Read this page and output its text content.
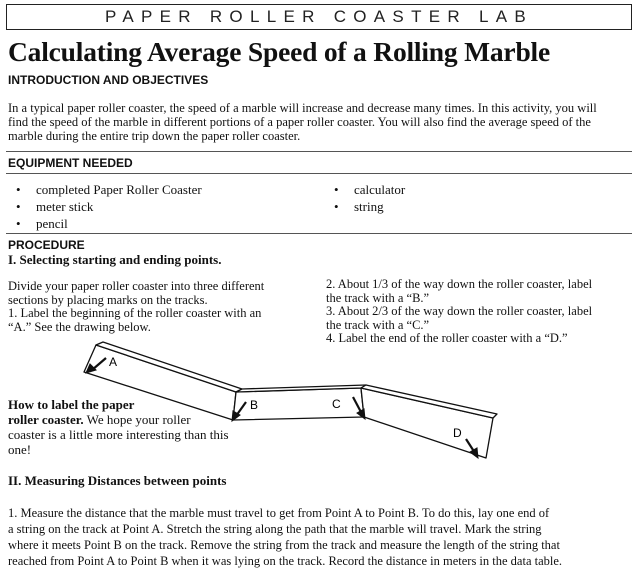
PAPER ROLLER COASTER LAB
Calculating Average Speed of a Rolling Marble
INTRODUCTION AND OBJECTIVES
In a typical paper roller coaster, the speed of a marble will increase and decrease many times. In this activity, you will
find the speed of the marble in different portions of a paper roller coaster. You will also find the average speed of the
marble during the entire trip down the paper roller coaster.
EQUIPMENT NEEDED
• completed Paper Roller Coaster
• meter stick
• pencil
• calculator
• string
PROCEDURE
I. Selecting starting and ending points.
Divide your paper roller coaster into three different
sections by placing marks on the tracks.
1. Label the beginning of the roller coaster with an
“A.” See the drawing below.
2. About 1/3 of the way down the roller coaster, label
the track with a “B.”
3. About 2/3 of the way down the roller coaster, label
the track with a “C.”
4. Label the end of the roller coaster with a “D.”
A
B	C
D
How to label the paper
roller coaster. We hope your roller
coaster is a little more interesting than this one!
II. Measuring Distances between points
1. Measure the distance that the marble must travel to get from Point A to Point B. To do this, lay one end of
a string on the track at Point A. Stretch the string along the path that the marble will travel. Mark the string
where it meets Point B on the track. Remove the string from the track and measure the length of the string that
reached from Point A to Point B when it was lying on the track. Record the distance in meters in the data table.
